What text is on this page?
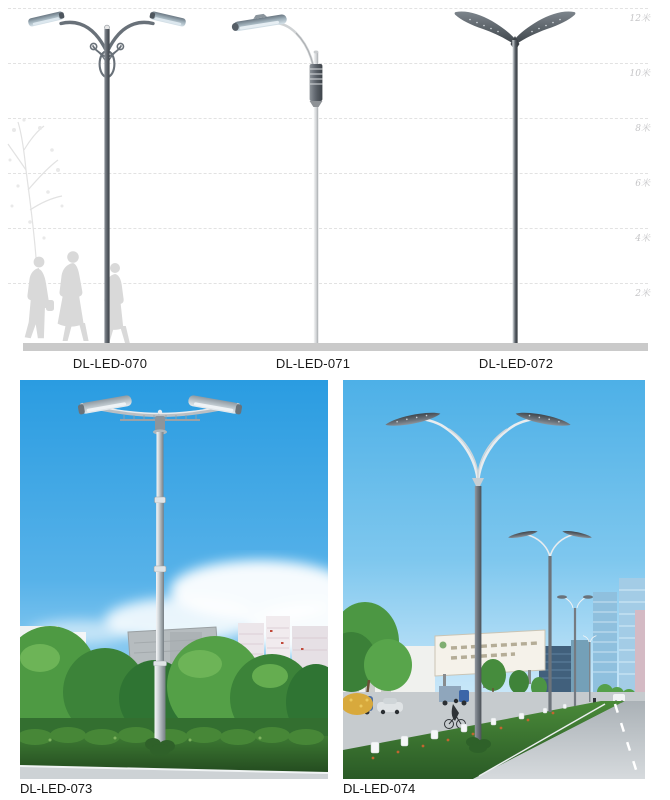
12米
10米
8米
6米
4米
2米
DL-LED-070	DL-LED-071	DL-LED-072
DL-LED-073	DL-LED-074
